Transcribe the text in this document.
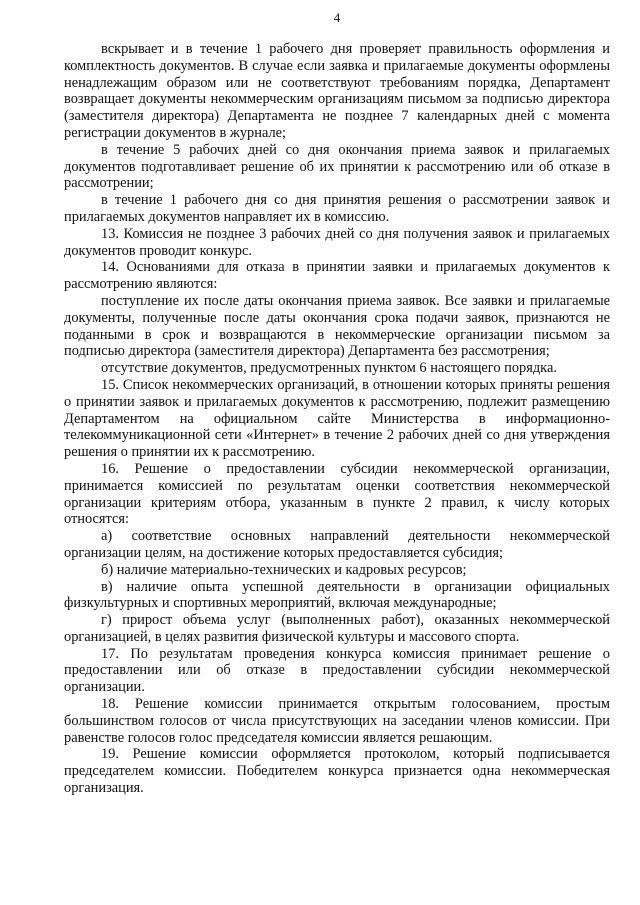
4

вскрывает и в течение 1 рабочего дня проверяет правильность оформления и комплектность документов. В случае если заявка и прилагаемые документы оформлены ненадлежащим образом или не соответствуют требованиям порядка, Департамент возвращает документы некоммерческим организациям письмом за подписью директора (заместителя директора) Департамента не позднее 7 календарных дней с момента регистрации документов в журнале;

в течение 5 рабочих дней со дня окончания приема заявок и прилагаемых документов подготавливает решение об их принятии к рассмотрению или об отказе в рассмотрении;

в течение 1 рабочего дня со дня принятия решения о рассмотрении заявок и прилагаемых документов направляет их в комиссию.

13. Комиссия не позднее 3 рабочих дней со дня получения заявок и прилагаемых документов проводит конкурс.

14. Основаниями для отказа в принятии заявки и прилагаемых документов к рассмотрению являются:

поступление их после даты окончания приема заявок. Все заявки и прилагаемые документы, полученные после даты окончания срока подачи заявок, признаются не поданными в срок и возвращаются в некоммерческие организации письмом за подписью директора (заместителя директора) Департамента без рассмотрения;

отсутствие документов, предусмотренных пунктом 6 настоящего порядка.

15. Список некоммерческих организаций, в отношении которых приняты решения о принятии заявок и прилагаемых документов к рассмотрению, подлежит размещению Департаментом на официальном сайте Министерства в информационно-телекоммуникационной сети «Интернет» в течение 2 рабочих дней со дня утверждения решения о принятии их к рассмотрению.

16. Решение о предоставлении субсидии некоммерческой организации, принимается комиссией по результатам оценки соответствия некоммерческой организации критериям отбора, указанным в пункте 2 правил, к числу которых относятся:

а) соответствие основных направлений деятельности некоммерческой организации целям, на достижение которых предоставляется субсидия;

б) наличие материально-технических и кадровых ресурсов;

в) наличие опыта успешной деятельности в организации официальных физкультурных и спортивных мероприятий, включая международные;

г) прирост объема услуг (выполненных работ), оказанных некоммерческой организацией, в целях развития физической культуры и массового спорта.

17. По результатам проведения конкурса комиссия принимает решение о предоставлении или об отказе в предоставлении субсидии некоммерческой организации.

18. Решение комиссии принимается открытым голосованием, простым большинством голосов от числа присутствующих на заседании членов комиссии. При равенстве голосов голос председателя комиссии является решающим.

19. Решение комиссии оформляется протоколом, который подписывается председателем комиссии. Победителем конкурса признается одна некоммерческая организация.
